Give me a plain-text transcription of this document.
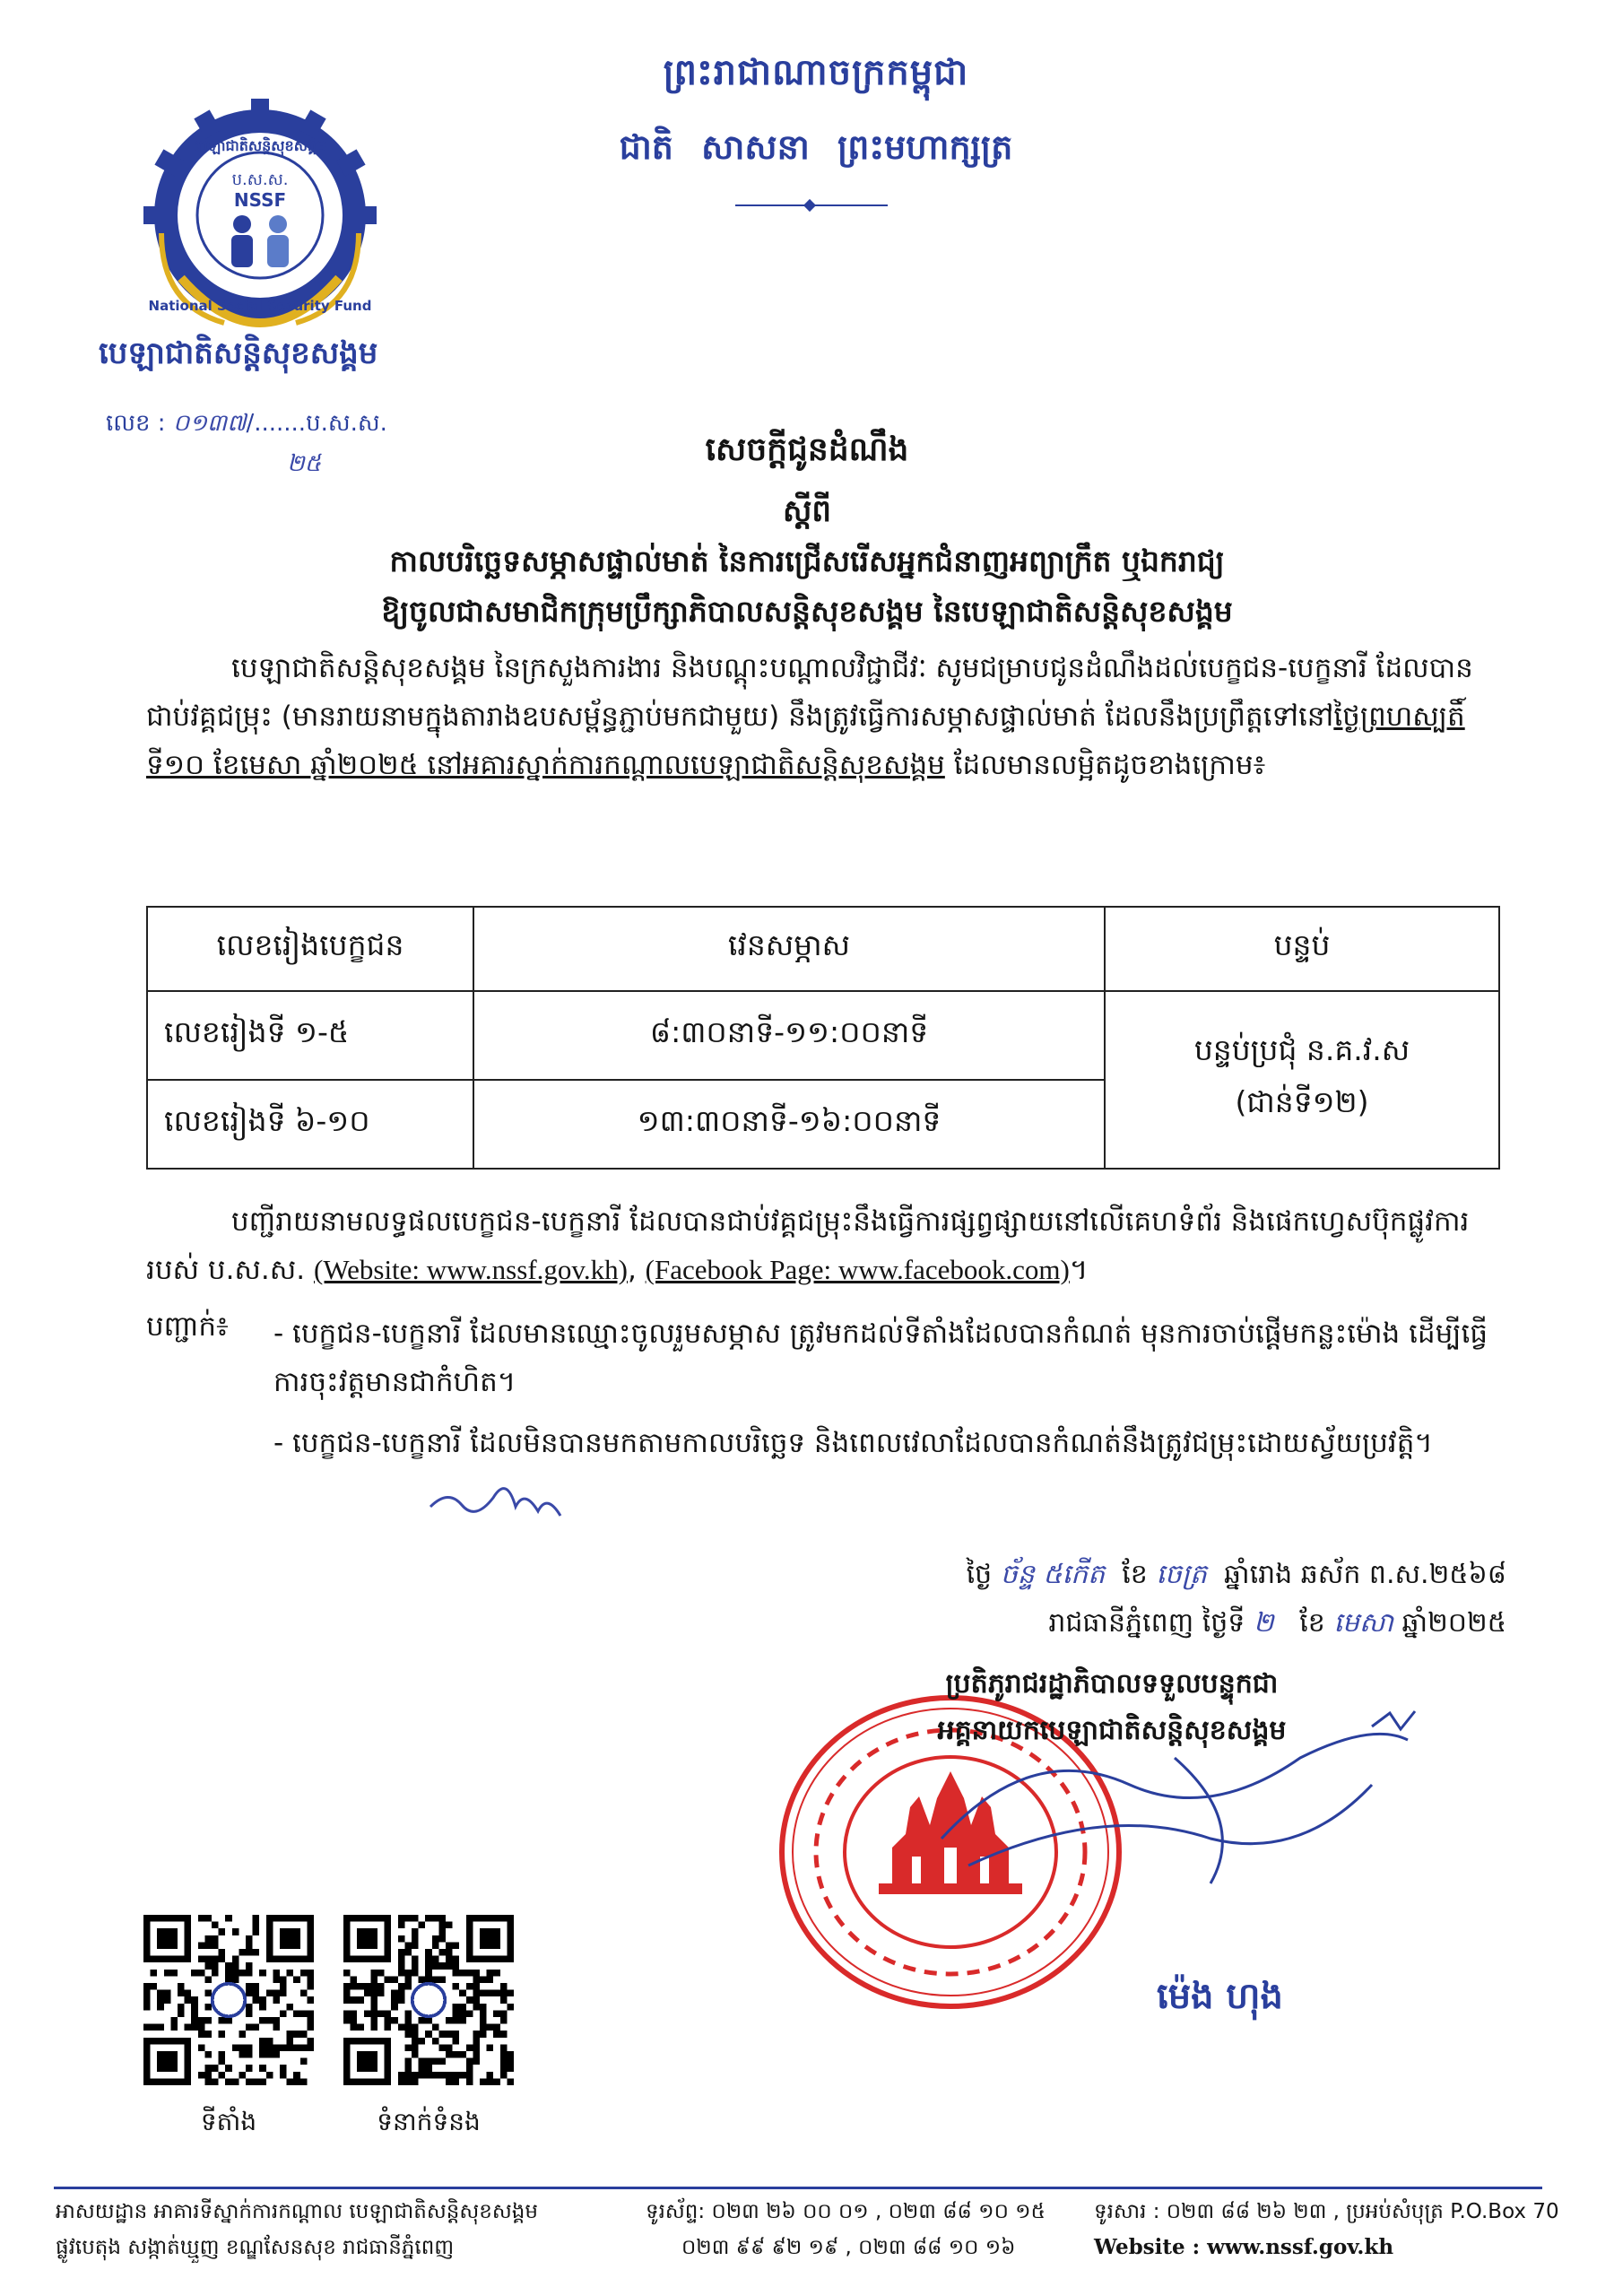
ព្រះរាជាណាចក្រកម្ពុជា
ជាតិ សាសនា ព្រះមហាក្សត្រ
ប.ស.ស.
NSSF
National Social Security Fund
បេឡាជាតិសន្តិសុខសង្គម
បេឡាជាតិសន្តិសុខសង្គម
លេខ : ០១៣៧/.......ប.ស.ស.
២៥	សេចក្តីជូនដំណឹង
ស្តីពី
កាលបរិច្ឆេទសម្ភាសផ្ទាល់មាត់ នៃការជ្រើសរើសអ្នកជំនាញអព្យាក្រឹត ឬឯករាជ្យ
ឱ្យចូលជាសមាជិកក្រុមប្រឹក្សាភិបាលសន្តិសុខសង្គម នៃបេឡាជាតិសន្តិសុខសង្គម
បេឡាជាតិសន្តិសុខសង្គម នៃក្រសួងការងារ និងបណ្តុះបណ្តាលវិជ្ជាជីវៈ សូមជម្រាបជូនដំណឹងដល់បេក្ខជន-បេក្ខនារី ដែលបានជាប់វគ្គជម្រុះ (មានរាយនាមក្នុងតារាងឧបសម្ព័ន្ធភ្ជាប់មកជាមួយ) នឹងត្រូវធ្វើការសម្ភាសផ្ទាល់មាត់ ដែលនឹងប្រព្រឹត្តទៅនៅថ្ងៃព្រហស្បតិ៍ ទី១០ ខែមេសា ឆ្នាំ២០២៥ នៅអគារស្នាក់ការកណ្តាលបេឡាជាតិសន្តិសុខសង្គម ដែលមានលម្អិតដូចខាងក្រោម៖
លេខរៀងបេក្ខជន	វេនសម្ភាស	បន្ទប់
លេខរៀងទី ១-៥	៨:៣០នាទី-១១:០០នាទី	បន្ទប់ប្រជុំ ន.គ.វ.ស
(ជាន់ទី១២)

លេខរៀងទី ៦-១០	១៣:៣០នាទី-១៦:០០នាទី	
បញ្ជីរាយនាមលទ្ធផលបេក្ខជន-បេក្ខនារី ដែលបានជាប់វគ្គជម្រុះនឹងធ្វើការផ្សព្វផ្សាយនៅលើគេហទំព័រ និងផេកហ្វេសប៊ុកផ្លូវការរបស់ ប.ស.ស. (Website: www.nssf.gov.kh), (Facebook Page: www.facebook.com)។
បញ្ជាក់៖ - បេក្ខជន-បេក្ខនារី ដែលមានឈ្មោះចូលរួមសម្ភាស ត្រូវមកដល់ទីតាំងដែលបានកំណត់ មុនការចាប់ផ្តើមកន្លះម៉ោង ដើម្បីធ្វើការចុះវត្តមានជាកំហិត។
- បេក្ខជន-បេក្ខនារី ដែលមិនបានមកតាមកាលបរិច្ឆេទ និងពេលវេលាដែលបានកំណត់នឹងត្រូវជម្រុះដោយស្វ័យប្រវត្តិ។
ថ្ងៃ ច័ន្ទ ៥កើត ខែ ចេត្រ ឆ្នាំរោង ឆស័ក ព.ស.២៥៦៨
រាជធានីភ្នំពេញ ថ្ងៃទី ២ ខែ មេសា ឆ្នាំ២០២៥
ប្រតិភូរាជរដ្ឋាភិបាលទទួលបន្ទុកជា
អគ្គនាយកបេឡាជាតិសន្តិសុខសង្គម
ម៉េង ហុង
ទីតាំង	ទំនាក់ទំនង
អាសយដ្ឋាន អាគារទីស្នាក់ការកណ្តាល បេឡាជាតិសន្តិសុខសង្គម
ផ្លូវបេតុង សង្កាត់ឃ្មួញ ខណ្ឌសែនសុខ រាជធានីភ្នំពេញ
ទូរស័ព្ទ: ០២៣ ២៦ ០០ ០១ , ០២៣ ៨៨ ១០ ១៥
០២៣ ៩៩ ៩២ ១៩ , ០២៣ ៨៨ ១០ ១៦
ទូរសារ : ០២៣ ៨៨ ២៦ ២៣ , ប្រអប់សំបុត្រ P.O.Box 70
Website : www.nssf.gov.kh
